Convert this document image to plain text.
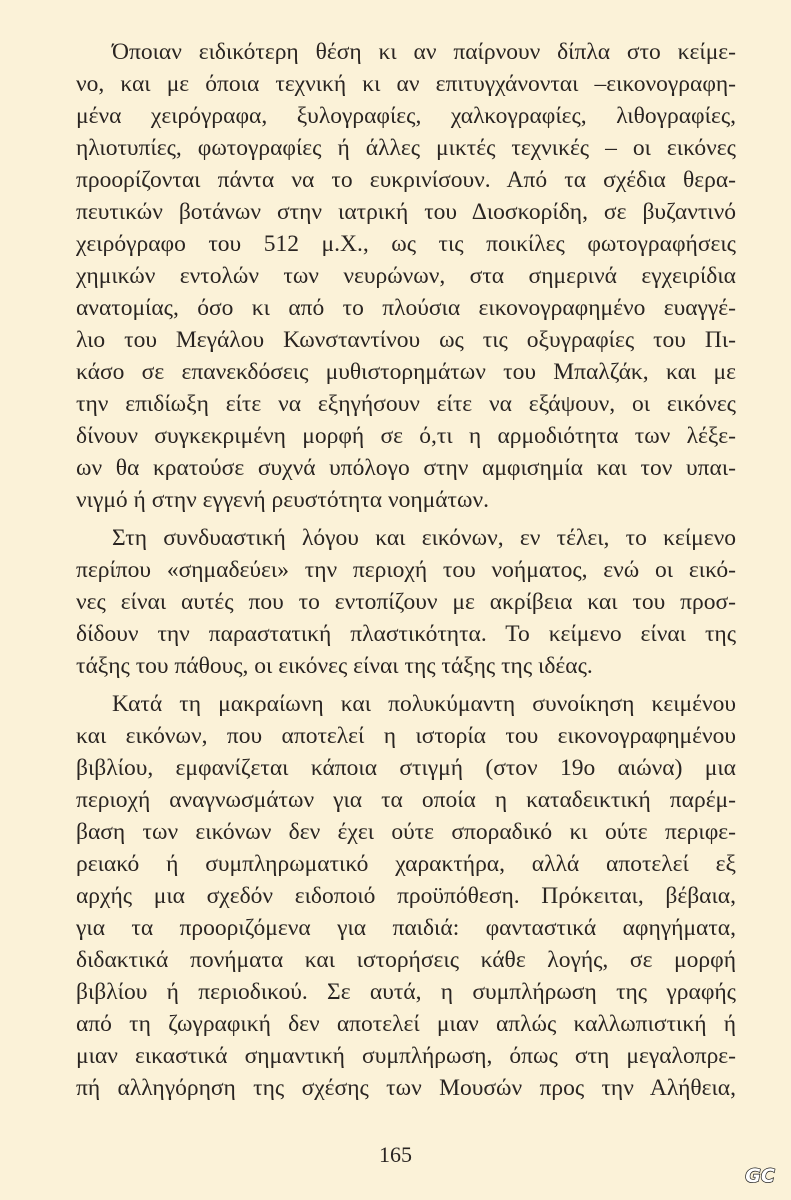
Όποιαν ειδικότερη θέση κι αν παίρνουν δίπλα στο κείμε-
νο, και με όποια τεχνική κι αν επιτυγχάνονται –εικονογραφη-
μένα χειρόγραφα, ξυλογραφίες, χαλκογραφίες, λιθογραφίες,
ηλιοτυπίες, φωτογραφίες ή άλλες μικτές τεχνικές – οι εικόνες
προορίζονται πάντα να το ευκρινίσουν. Από τα σχέδια θερα-
πευτικών βοτάνων στην ιατρική του Διοσκορίδη, σε βυζαντινό
χειρόγραφο του 512 μ.Χ., ως τις ποικίλες φωτογραφήσεις
χημικών εντολών των νευρώνων, στα σημερινά εγχειρίδια
ανατομίας, όσο κι από το πλούσια εικονογραφημένο ευαγγέ-
λιο του Μεγάλου Κωνσταντίνου ως τις οξυγραφίες του Πι-
κάσο σε επανεκδόσεις μυθιστορημάτων του Μπαλζάκ, και με
την επιδίωξη είτε να εξηγήσουν είτε να εξάψουν, οι εικόνες
δίνουν συγκεκριμένη μορφή σε ό,τι η αρμοδιότητα των λέξε-
ων θα κρατούσε συχνά υπόλογο στην αμφισημία και τον υπαι-
νιγμό ή στην εγγενή ρευστότητα νοημάτων.
Στη συνδυαστική λόγου και εικόνων, εν τέλει, το κείμενο
περίπου «σημαδεύει» την περιοχή του νοήματος, ενώ οι εικό-
νες είναι αυτές που το εντοπίζουν με ακρίβεια και του προσ-
δίδουν την παραστατική πλαστικότητα. Το κείμενο είναι της
τάξης του πάθους, οι εικόνες είναι της τάξης της ιδέας.
Κατά τη μακραίωνη και πολυκύμαντη συνοίκηση κειμένου
και εικόνων, που αποτελεί η ιστορία του εικονογραφημένου
βιβλίου, εμφανίζεται κάποια στιγμή (στον 19ο αιώνα) μια
περιοχή αναγνωσμάτων για τα οποία η καταδεικτική παρέμ-
βαση των εικόνων δεν έχει ούτε σποραδικό κι ούτε περιφε-
ρειακό ή συμπληρωματικό χαρακτήρα, αλλά αποτελεί εξ
αρχής μια σχεδόν ειδοποιό προϋπόθεση. Πρόκειται, βέβαια,
για τα προοριζόμενα για παιδιά: φανταστικά αφηγήματα,
διδακτικά πονήματα και ιστορήσεις κάθε λογής, σε μορφή
βιβλίου ή περιοδικού. Σε αυτά, η συμπλήρωση της γραφής
από τη ζωγραφική δεν αποτελεί μιαν απλώς καλλωπιστική ή
μιαν εικαστικά σημαντική συμπλήρωση, όπως στη μεγαλοπρε-
πή αλληγόρηση της σχέσης των Μουσών προς την Αλήθεια,
165
GC
